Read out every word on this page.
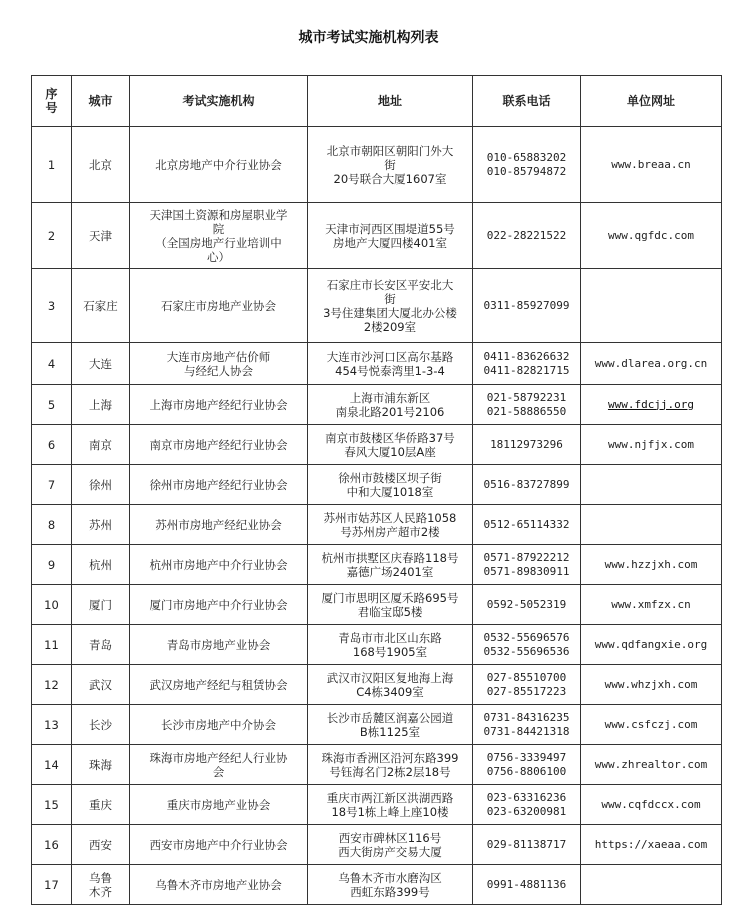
城市考试实施机构列表
序
号	城市	考试实施机构	地址	联系电话	单位网址
1	北京	北京房地产中介行业协会	北京市朝阳区朝阳门外大
街
20号联合大厦1607室	010-65883202
010-85794872	www.breaa.cn
2	天津	天津国土资源和房屋职业学
院
（全国房地产行业培训中
心）	天津市河西区围堤道55号
房地产大厦四楼401室	022-28221522	www.qgfdc.com
3	石家庄	石家庄市房地产业协会	石家庄市长安区平安北大
街
3号住建集团大厦北办公楼
2楼209室	0311-85927099	

4	大连	大连市房地产估价师
与经纪人协会	大连市沙河口区高尔基路
454号悦泰湾里1-3-4	0411-83626632
0411-82821715	www.dlarea.org.cn
5	上海	上海市房地产经纪行业协会	上海市浦东新区
南泉北路201号2106	021-58792231
021-58886550	www.fdcjj.org
6	南京	南京市房地产经纪行业协会	南京市鼓楼区华侨路37号
春风大厦10层A座	18112973296	www.njfjx.com
7	徐州	徐州市房地产经纪行业协会	徐州市鼓楼区坝子街
中和大厦1018室	0516-83727899	

8	苏州	苏州市房地产经纪业协会	苏州市姑苏区人民路1058
号苏州房产超市2楼	0512-65114332	

9	杭州	杭州市房地产中介行业协会	杭州市拱墅区庆春路118号
嘉德广场2401室	0571-87922212
0571-89830911	www.hzzjxh.com
10	厦门	厦门市房地产中介行业协会	厦门市思明区厦禾路695号
君临宝邸5楼	0592-5052319	www.xmfzx.cn
11	青岛	青岛市房地产业协会	青岛市市北区山东路
168号1905室	0532-55696576
0532-55696536	www.qdfangxie.org
12	武汉	武汉房地产经纪与租赁协会	武汉市汉阳区复地海上海
C4栋3409室	027-85510700
027-85517223	www.whzjxh.com
13	长沙	长沙市房地产中介协会	长沙市岳麓区润嘉公园道
B栋1125室	0731-84316235
0731-84421318	www.csfczj.com
14	珠海	珠海市房地产经纪人行业协
会	珠海市香洲区沿河东路399
号钰海名门2栋2层18号	0756-3339497
0756-8806100	www.zhrealtor.com
15	重庆	重庆市房地产业协会	重庆市两江新区洪湖西路
18号1栋上峰上座10楼	023-63316236
023-63200981	www.cqfdccx.com
16	西安	西安市房地产中介行业协会	西安市碑林区116号
西大街房产交易大厦	029-81138717	https://xaeaa.com
17	乌鲁
木齐	乌鲁木齐市房地产业协会	乌鲁木齐市水磨沟区
西虹东路399号	0991-4881136	
